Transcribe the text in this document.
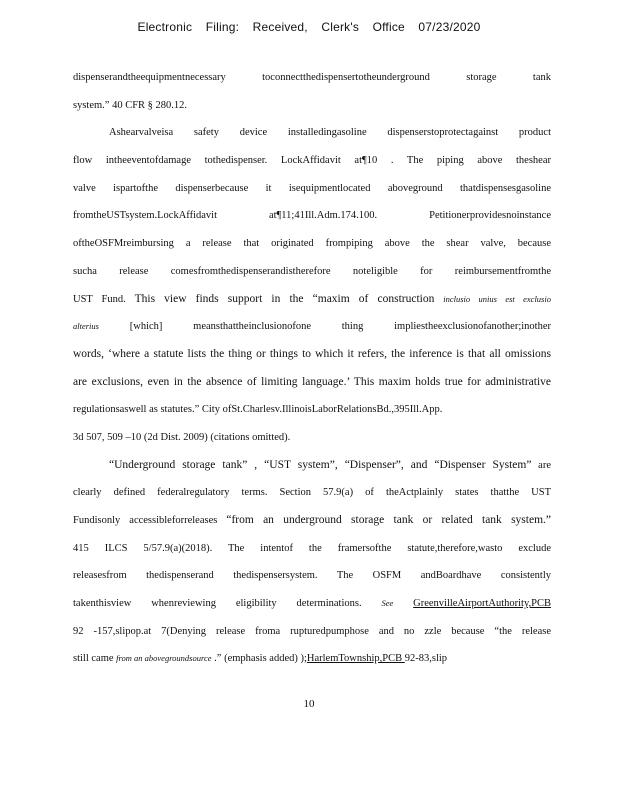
Electronic Filing: Received, Clerk's Office 07/23/2020
dispenserandtheequipmentnecessary toconnectthedispensertotheunderground storage tank
system.” 40 CFR § 280.12.
Ashearvalveisa safety device installedingasoline dispenserstoprotectagainst product
flow intheeventofdamage tothedispenser. LockAffidavit at¶10 . The piping above theshear
valve ispartofthe dispenserbecause it isequipmentlocated aboveground thatdispensesgasoline
fromtheUSTsystem.LockAffidavit at¶11;41Ill.Adm.174.100. Petitionerprovidesnoinstance
oftheOSFMreimbursing a release that originated frompiping above the shear valve, because
sucha release comesfromthedispenserandistherefore noteligible for reimbursementfromthe
UST Fund. This view finds support in the “maxim of construction inclusio unius est exclusio
alterius [which] meansthattheinclusionofone thing impliestheexclusionofanother;inother
words, ‘where a statute lists the thing or things to which it refers, the inference is that all omissions
are exclusions, even in the absence of limiting language.’ This maxim holds true for administrative
regulationsaswell as statutes.” City ofSt.Charlesv.IllinoisLaborRelationsBd.,395Ill.App.
3d 507, 509 –10 (2d Dist. 2009) (citations omitted).
“Underground storage tank” , “UST system”, “Dispenser”, and “Dispenser System” are
clearly defined federalregulatory terms. Section 57.9(a) of theActplainly states thatthe UST
Fundisonly accessibleforreleases “from an underground storage tank or related tank system.”
415 ILCS 5/57.9(a)(2018). The intentof the framersofthe statute,therefore,wasto exclude
releasesfrom thedispenserand thedispensersystem. The OSFM andBoardhave consistently
takenthisview whenreviewing eligibility determinations. See GreenvilleAirportAuthority,PCB
92 -157,slipop.at 7(Denying release froma rupturedpumphose and no zzle because “the release
still came from an abovegroundsource .” (emphasis added) );HarlemTownship,PCB 92-83,slip
10
